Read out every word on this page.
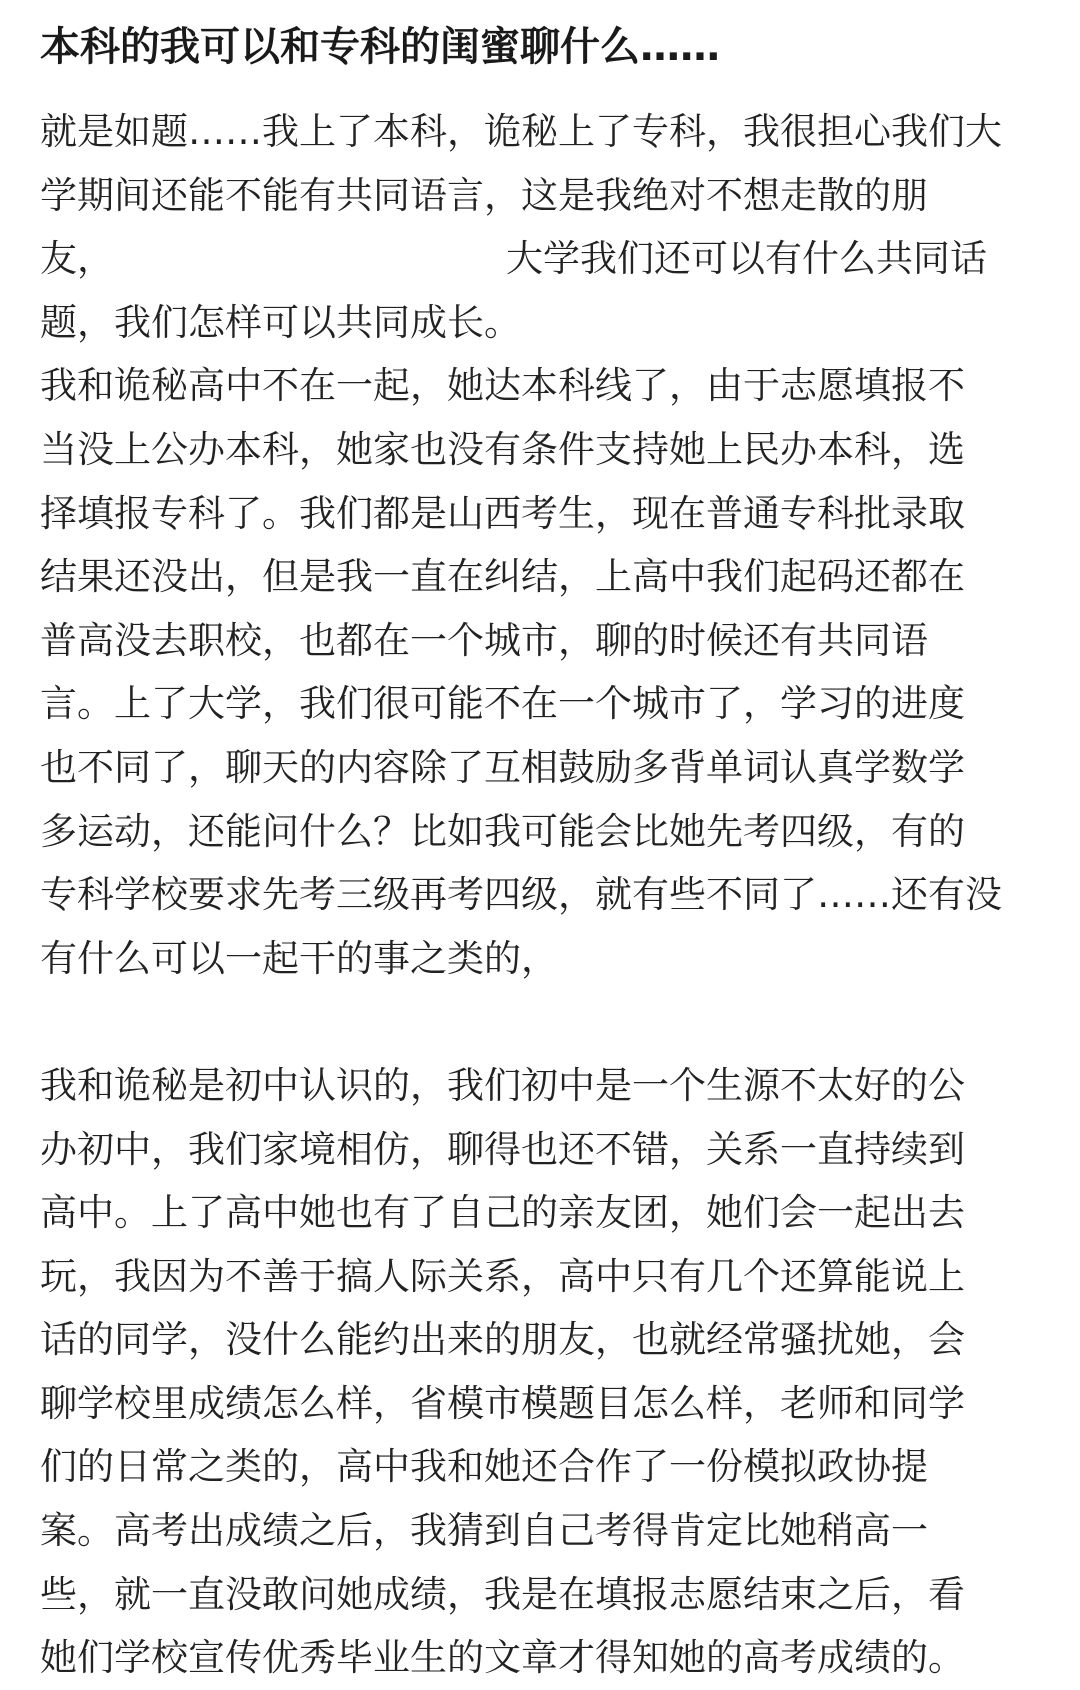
本科的我可以和专科的闺蜜聊什么……
就是如题……我上了本科，诡秘上了专科，我很担心我们大
学期间还能不能有共同语言，这是我绝对不想走散的朋
友，	大学我们还可以有什么共同话
题，我们怎样可以共同成长。
我和诡秘高中不在一起，她达本科线了，由于志愿填报不
当没上公办本科，她家也没有条件支持她上民办本科，选
择填报专科了。我们都是山西考生，现在普通专科批录取
结果还没出，但是我一直在纠结，上高中我们起码还都在
普高没去职校，也都在一个城市，聊的时候还有共同语
言。上了大学，我们很可能不在一个城市了，学习的进度
也不同了，聊天的内容除了互相鼓励多背单词认真学数学
多运动，还能问什么？比如我可能会比她先考四级，有的
专科学校要求先考三级再考四级，就有些不同了……还有没
有什么可以一起干的事之类的，
我和诡秘是初中认识的，我们初中是一个生源不太好的公
办初中，我们家境相仿，聊得也还不错，关系一直持续到
高中。上了高中她也有了自己的亲友团，她们会一起出去
玩，我因为不善于搞人际关系，高中只有几个还算能说上
话的同学，没什么能约出来的朋友，也就经常骚扰她，会
聊学校里成绩怎么样，省模市模题目怎么样，老师和同学
们的日常之类的，高中我和她还合作了一份模拟政协提
案。高考出成绩之后，我猜到自己考得肯定比她稍高一
些，就一直没敢问她成绩，我是在填报志愿结束之后，看
她们学校宣传优秀毕业生的文章才得知她的高考成绩的。
